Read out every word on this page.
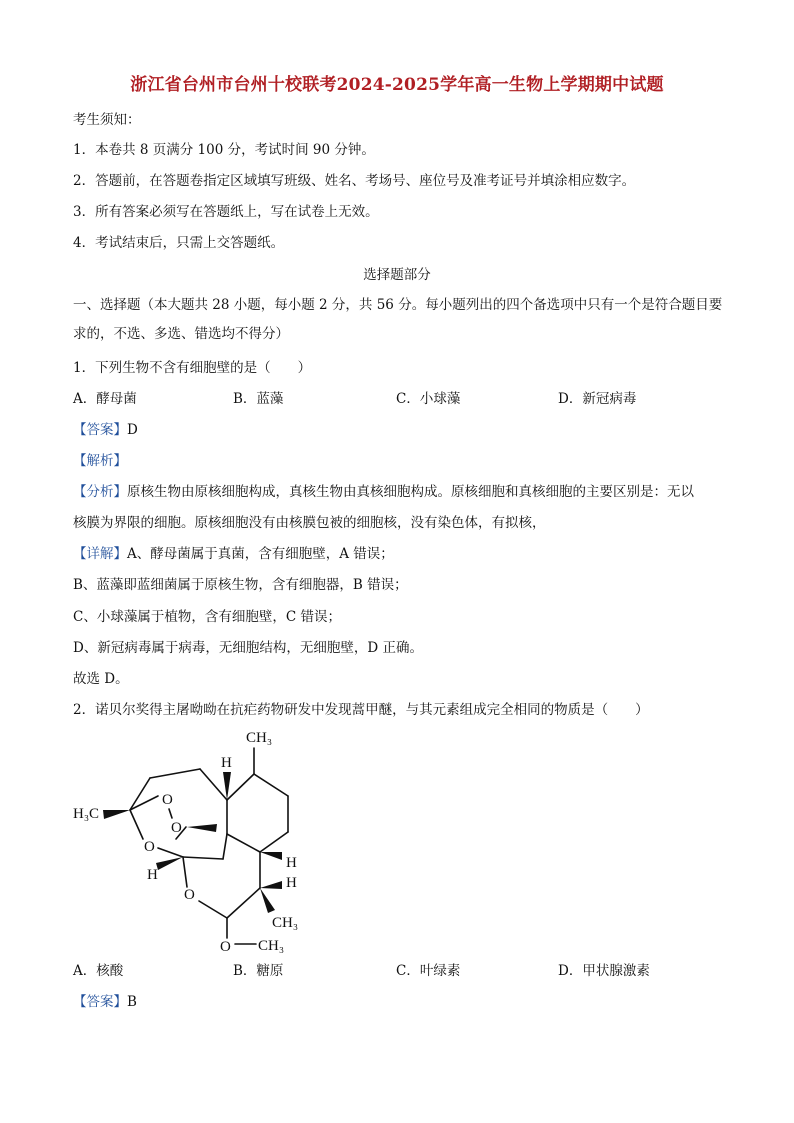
浙江省台州市台州十校联考2024-2025学年高一生物上学期期中试题
考生须知：
1．本卷共 8 页满分 100 分，考试时间 90 分钟。
2．答题前，在答题卷指定区域填写班级、姓名、考场号、座位号及准考证号并填涂相应数字。
3．所有答案必须写在答题纸上，写在试卷上无效。
4．考试结束后，只需上交答题纸。
选择题部分
一、选择题（本大题共 28 小题，每小题 2 分，共 56 分。每小题列出的四个备选项中只有一个是符合题目要求的，不选、多选、错选均不得分）
1．下列生物不含有细胞壁的是（　　）
A．酵母菌	B．蓝藻	C．小球藻	D．新冠病毒
【答案】D
【解析】
【分析】原核生物由原核细胞构成，真核生物由真核细胞构成。原核细胞和真核细胞的主要区别是：无以
核膜为界限的细胞。原核细胞没有由核膜包被的细胞核，没有染色体，有拟核，
【详解】A、酵母菌属于真菌，含有细胞壁，A 错误；
B、蓝藻即蓝细菌属于原核生物，含有细胞器，B 错误；
C、小球藻属于植物，含有细胞壁，C 错误；
D、新冠病毒属于病毒，无细胞结构，无细胞壁，D 正确。
故选 D。
2．诺贝尔奖得主屠呦呦在抗疟药物研发中发现蒿甲醚，与其元素组成完全相同的物质是（　　）
CH₃
H₃C
O
O
O
O
O
H
H
H
H
CH₃
CH₃
A．核酸	B．糖原	C．叶绿素	D．甲状腺激素
【答案】B
